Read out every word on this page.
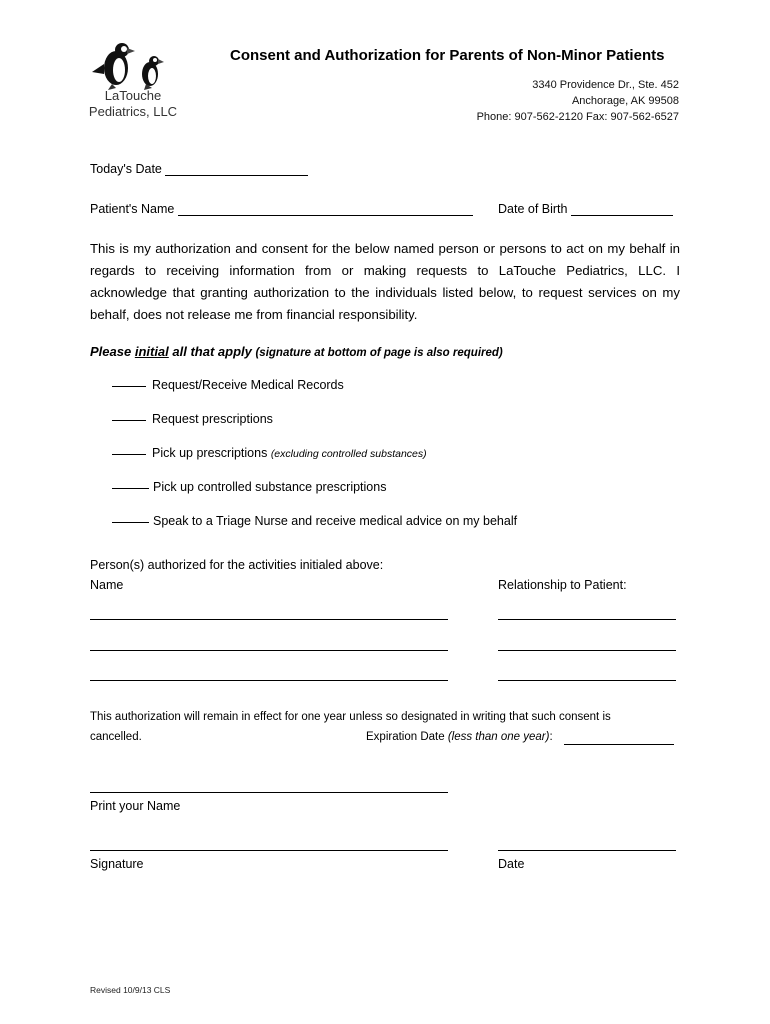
LaTouche
Pediatrics, LLC
Consent and Authorization for Parents of Non-Minor Patients
3340 Providence Dr., Ste. 452
Anchorage, AK 99508
Phone: 907-562-2120 Fax: 907-562-6527
Today's Date
Patient's Name	Date of Birth
This is my authorization and consent for the below named person or persons to act on my behalf in regards to receiving information from or making requests to LaTouche Pediatrics, LLC. I acknowledge that granting authorization to the individuals listed below, to request services on my behalf, does not release me from financial responsibility.
Please initial all that apply (signature at bottom of page is also required)
Request/Receive Medical Records
Request prescriptions
Pick up prescriptions (excluding controlled substances)
Pick up controlled substance prescriptions
Speak to a Triage Nurse and receive medical advice on my behalf
Person(s) authorized for the activities initialed above:
Name	Relationship to Patient:
This authorization will remain in effect for one year unless so designated in writing that such consent is
cancelled.	Expiration Date (less than one year):
Print your Name
Signature	Date
Revised 10/9/13 CLS
